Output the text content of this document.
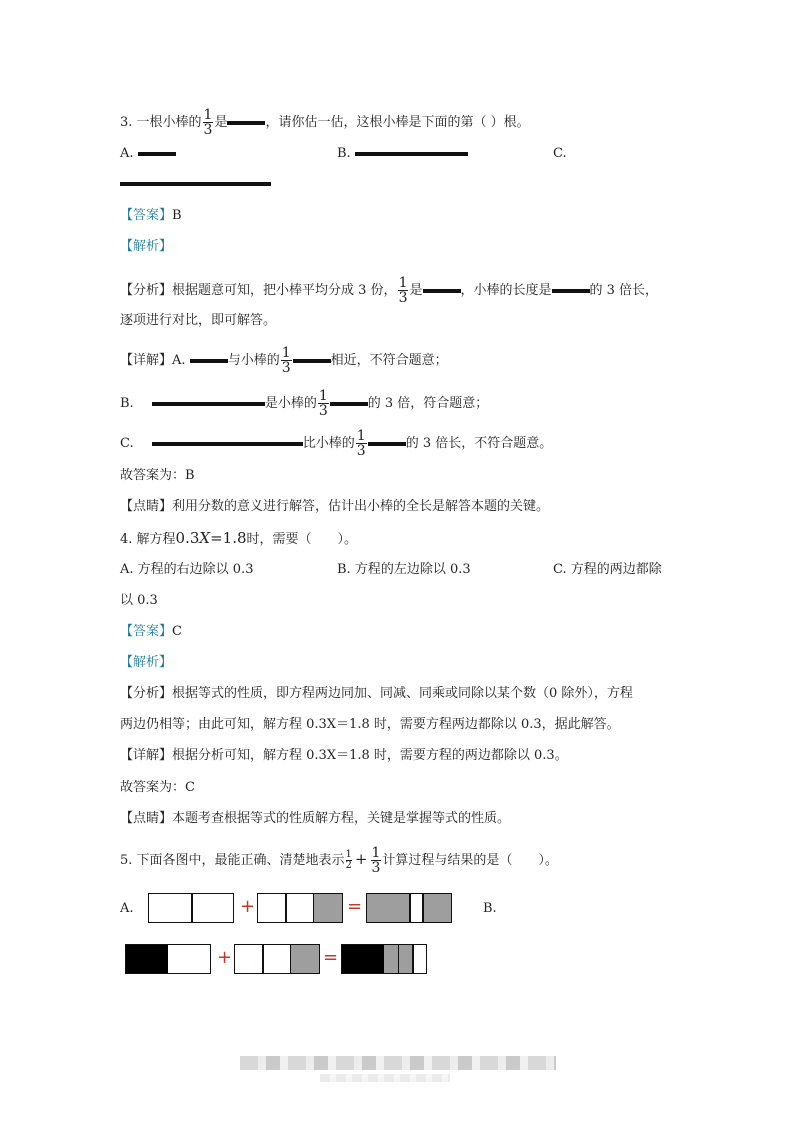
3. 一根小棒的 $\frac{1}{3}$ 是	，请你估一估，这根小棒是下面的第（ ）根。
A.	B.	C.
【答案】B
【解析】
【分析】根据题意可知，把小棒平均分成 3 份， $\frac{1}{3}$ 是	，小棒的长度是	的 3 倍长，
逐项进行对比，即可解答。
【详解】A.	与小棒的 $\frac{1}{3}$	相近，不符合题意；
B.	是小棒的 $\frac{1}{3}$	的 3 倍，符合题意；
C.	比小棒的 $\frac{1}{3}$	的 3 倍长，不符合题意。
故答案为：B
【点睛】利用分数的意义进行解答，估计出小棒的全长是解答本题的关键。
4. 解方程0.3X=1.8时，需要（　　）。
A. 方程的右边除以 0.3	B. 方程的左边除以 0.3	C. 方程的两边都除
以 0.3
【答案】C
【解析】
【分析】根据等式的性质，即方程两边同加、同减、同乘或同除以某个数（0 除外），方程
两边仍相等；由此可知，解方程 0.3X＝1.8 时，需要方程两边都除以 0.3，据此解答。
【详解】根据分析可知，解方程 0.3X＝1.8 时，需要方程的两边都除以 0.3。
故答案为：C
【点睛】本题考查根据等式的性质解方程，关键是掌握等式的性质。
5. 下面各图中，最能正确、清楚地表示 $\frac{1}{2} + \frac{1}{3}$ 计算过程与结果的是（　　）。
A.	+	=	B.
+	=
